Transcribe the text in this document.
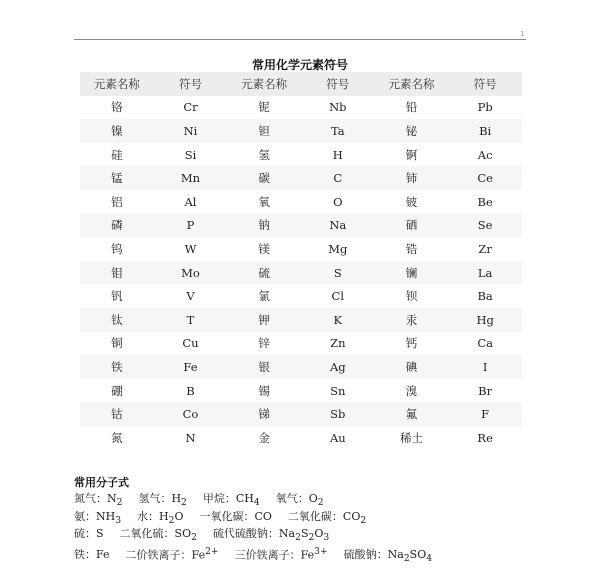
1
常用化学元素符号
元素名称	符号	元素名称	符号	元素名称	符号
铬	Cr	铌	Nb	铅	Pb
镍	Ni	钽	Ta	铋	Bi
硅	Si	氢	H	锕	Ac
锰	Mn	碳	C	铈	Ce
铝	Al	氧	O	铍	Be
磷	P	钠	Na	硒	Se
钨	W	镁	Mg	锆	Zr
钼	Mo	硫	S	镧	La
钒	V	氯	Cl	钡	Ba
钛	T	钾	K	汞	Hg
铜	Cu	锌	Zn	钙	Ca
铁	Fe	银	Ag	碘	I
硼	B	锡	Sn	溴	Br
钴	Co	锑	Sb	氟	F
氮	N	金	Au	稀土	Re
常用分子式
氮气：$N_2$ 氢气：$H_2$ 甲烷：$CH_4$ 氧气：$O_2$
氨：$NH_3$ 水：$H_2O$ 一氧化碳：CO 二氧化碳：$CO_2$
硫：S 二氧化硫：$SO_2$ 硫代硫酸钠：$Na_2S_2O_3$
铁：Fe 二价铁离子：$Fe^{2+}$ 三价铁离子：$Fe^{3+}$ 硫酸钠：$Na_2SO_4$
